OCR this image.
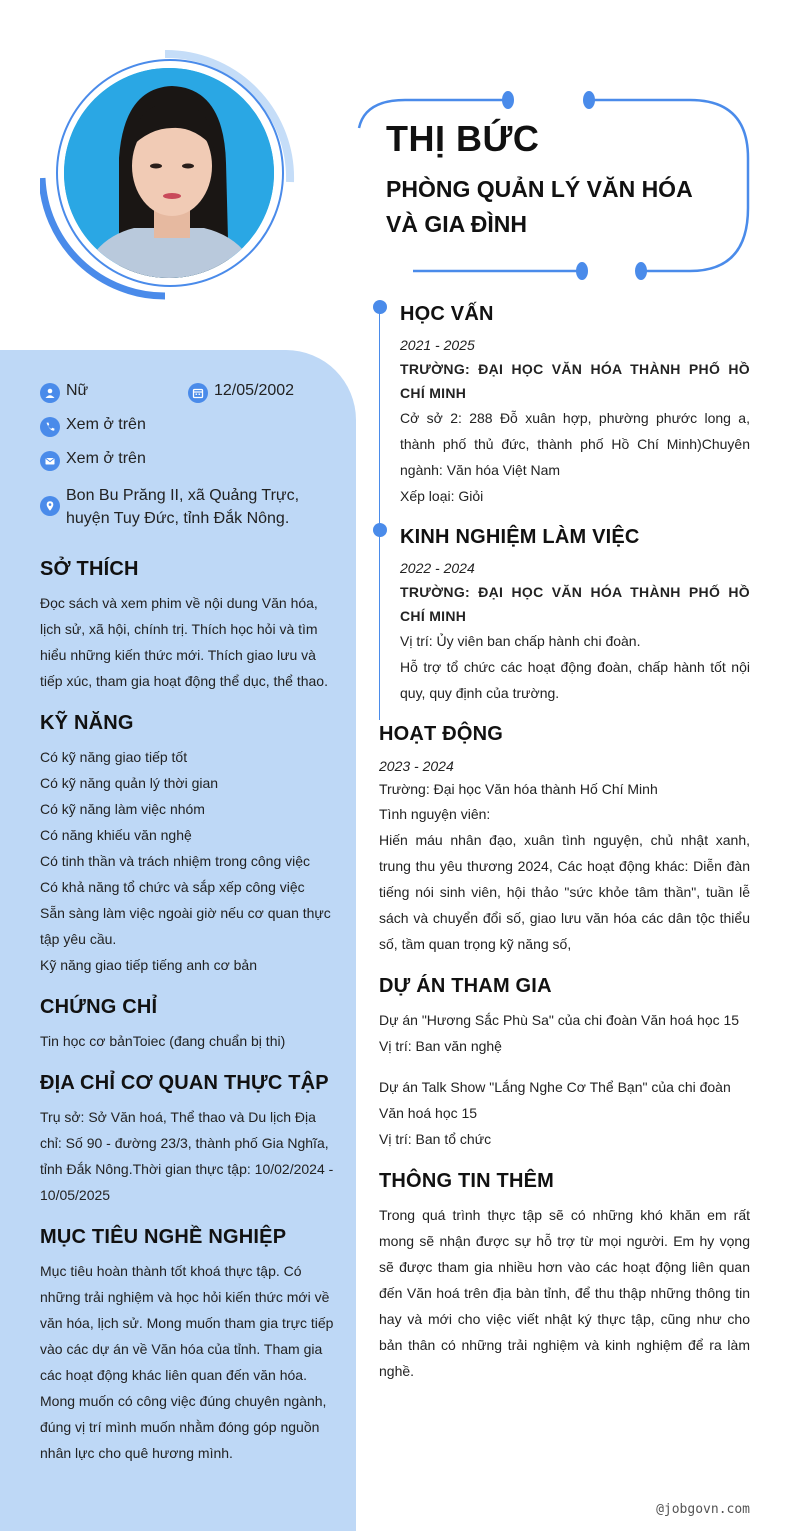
THỊ BỨC
PHÒNG QUẢN LÝ VĂN HÓA VÀ GIA ĐÌNH
Nữ	12/05/2002
Xem ở trên
Xem ở trên
Bon Bu Prăng II, xã Quảng Trực, huyện Tuy Đức, tỉnh Đắk Nông.
SỞ THÍCH
Đọc sách và xem phim về nội dung Văn hóa, lịch sử, xã hội, chính trị. Thích học hỏi và tìm hiểu những kiến thức mới. Thích giao lưu và tiếp xúc, tham gia hoạt động thể dục, thể thao.
KỸ NĂNG
Có kỹ năng giao tiếp tốt
Có kỹ năng quản lý thời gian
Có kỹ năng làm việc nhóm
Có năng khiếu văn nghệ
Có tinh thần và trách nhiệm trong công việc
Có khả năng tổ chức và sắp xếp công việc
Sẵn sàng làm việc ngoài giờ nếu cơ quan thực tập yêu cầu.
Kỹ năng giao tiếp tiếng anh cơ bản
CHỨNG CHỈ
Tin học cơ bảnToiec (đang chuẩn bị thi)
ĐỊA CHỈ CƠ QUAN THỰC TẬP
Trụ sở: Sở Văn hoá, Thể thao và Du lịch Địa chỉ: Số 90 - đường 23/3, thành phố Gia Nghĩa, tỉnh Đắk Nông.Thời gian thực tập: 10/02/2024 - 10/05/2025
MỤC TIÊU NGHỀ NGHIỆP
Mục tiêu hoàn thành tốt khoá thực tập. Có những trải nghiệm và học hỏi kiến thức mới về văn hóa, lịch sử. Mong muốn tham gia trực tiếp vào các dự án về Văn hóa của tỉnh. Tham gia các hoạt động khác liên quan đến văn hóa. Mong muốn có công việc đúng chuyên ngành, đúng vị trí mình muốn nhằm đóng góp nguồn nhân lực cho quê hương mình.
HỌC VẤN
2021 - 2025
TRƯỜNG: ĐẠI HỌC VĂN HÓA THÀNH PHỐ HỒ CHÍ MINH
Cở sở 2: 288 Đỗ xuân hợp, phường phước long a, thành phố thủ đức, thành phố Hồ Chí Minh)Chuyên ngành: Văn hóa Việt Nam
Xếp loại: Giỏi
KINH NGHIỆM LÀM VIỆC
2022 - 2024
TRƯỜNG: ĐẠI HỌC VĂN HÓA THÀNH PHỐ HỒ CHÍ MINH
Vị trí: Ủy viên ban chấp hành chi đoàn.
Hỗ trợ tổ chức các hoạt động đoàn, chấp hành tốt nội quy, quy định của trường.
HOẠT ĐỘNG
2023 - 2024
Trường: Đại học Văn hóa thành Hố Chí Minh
Tình nguyện viên:
Hiến máu nhân đạo, xuân tình nguyện, chủ nhật xanh, trung thu yêu thương 2024, Các hoạt động khác: Diễn đàn tiếng nói sinh viên, hội thảo "sức khỏe tâm thần", tuần lễ sách và chuyển đổi số, giao lưu văn hóa các dân tộc thiểu số, tầm quan trọng kỹ năng số,
DỰ ÁN THAM GIA
Dự án "Hương Sắc Phù Sa" của chi đoàn Văn hoá học 15
Vị trí: Ban văn nghệ
Dự án Talk Show "Lắng Nghe Cơ Thể Bạn" của chi đoàn Văn hoá học 15
Vị trí: Ban tổ chức
THÔNG TIN THÊM
Trong quá trình thực tập sẽ có những khó khăn em rất mong sẽ nhận được sự hỗ trợ từ mọi người. Em hy vọng sẽ được tham gia nhiều hơn vào các hoạt động liên quan đến Văn hoá trên địa bàn tỉnh, để thu thập những thông tin hay và mới cho việc viết nhật ký thực tập, cũng như cho bản thân có những trải nghiệm và kinh nghiệm để ra làm nghề.
@jobgovn.com
